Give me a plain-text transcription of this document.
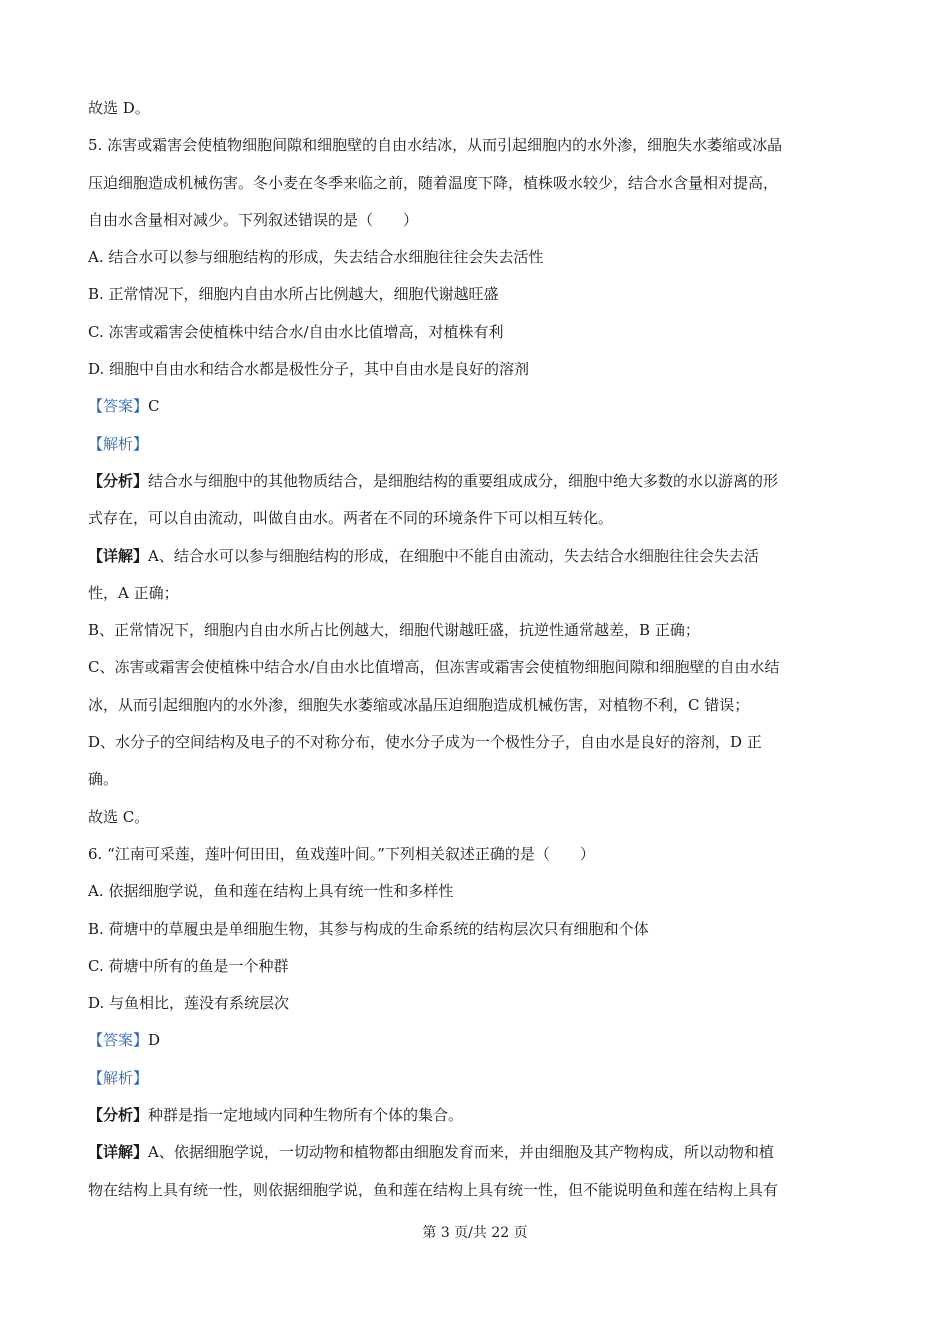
故选 D。
5. 冻害或霜害会使植物细胞间隙和细胞壁的自由水结冰，从而引起细胞内的水外渗，细胞失水萎缩或冰晶
压迫细胞造成机械伤害。冬小麦在冬季来临之前，随着温度下降，植株吸水较少，结合水含量相对提高，
自由水含量相对减少。下列叙述错误的是（　　）
A. 结合水可以参与细胞结构的形成，失去结合水细胞往往会失去活性
B. 正常情况下，细胞内自由水所占比例越大，细胞代谢越旺盛
C. 冻害或霜害会使植株中结合水/自由水比值增高，对植株有利
D. 细胞中自由水和结合水都是极性分子，其中自由水是良好的溶剂
【答案】C
【解析】
【分析】结合水与细胞中的其他物质结合，是细胞结构的重要组成成分，细胞中绝大多数的水以游离的形
式存在，可以自由流动，叫做自由水。两者在不同的环境条件下可以相互转化。
【详解】A、结合水可以参与细胞结构的形成，在细胞中不能自由流动，失去结合水细胞往往会失去活
性，A 正确；
B、正常情况下，细胞内自由水所占比例越大，细胞代谢越旺盛，抗逆性通常越差，B 正确；
C、冻害或霜害会使植株中结合水/自由水比值增高，但冻害或霜害会使植物细胞间隙和细胞壁的自由水结
冰，从而引起细胞内的水外渗，细胞失水萎缩或冰晶压迫细胞造成机械伤害，对植物不利，C 错误；
D、水分子的空间结构及电子的不对称分布，使水分子成为一个极性分子，自由水是良好的溶剂，D 正
确。
故选 C。
6. “江南可采莲，莲叶何田田，鱼戏莲叶间。”下列相关叙述正确的是（　　）
A. 依据细胞学说，鱼和莲在结构上具有统一性和多样性
B. 荷塘中的草履虫是单细胞生物，其参与构成的生命系统的结构层次只有细胞和个体
C. 荷塘中所有的鱼是一个种群
D. 与鱼相比，莲没有系统层次
【答案】D
【解析】
【分析】种群是指一定地域内同种生物所有个体的集合。
【详解】A、依据细胞学说，一切动物和植物都由细胞发育而来，并由细胞及其产物构成，所以动物和植
物在结构上具有统一性，则依据细胞学说，鱼和莲在结构上具有统一性，但不能说明鱼和莲在结构上具有
第 3 页/共 22 页
